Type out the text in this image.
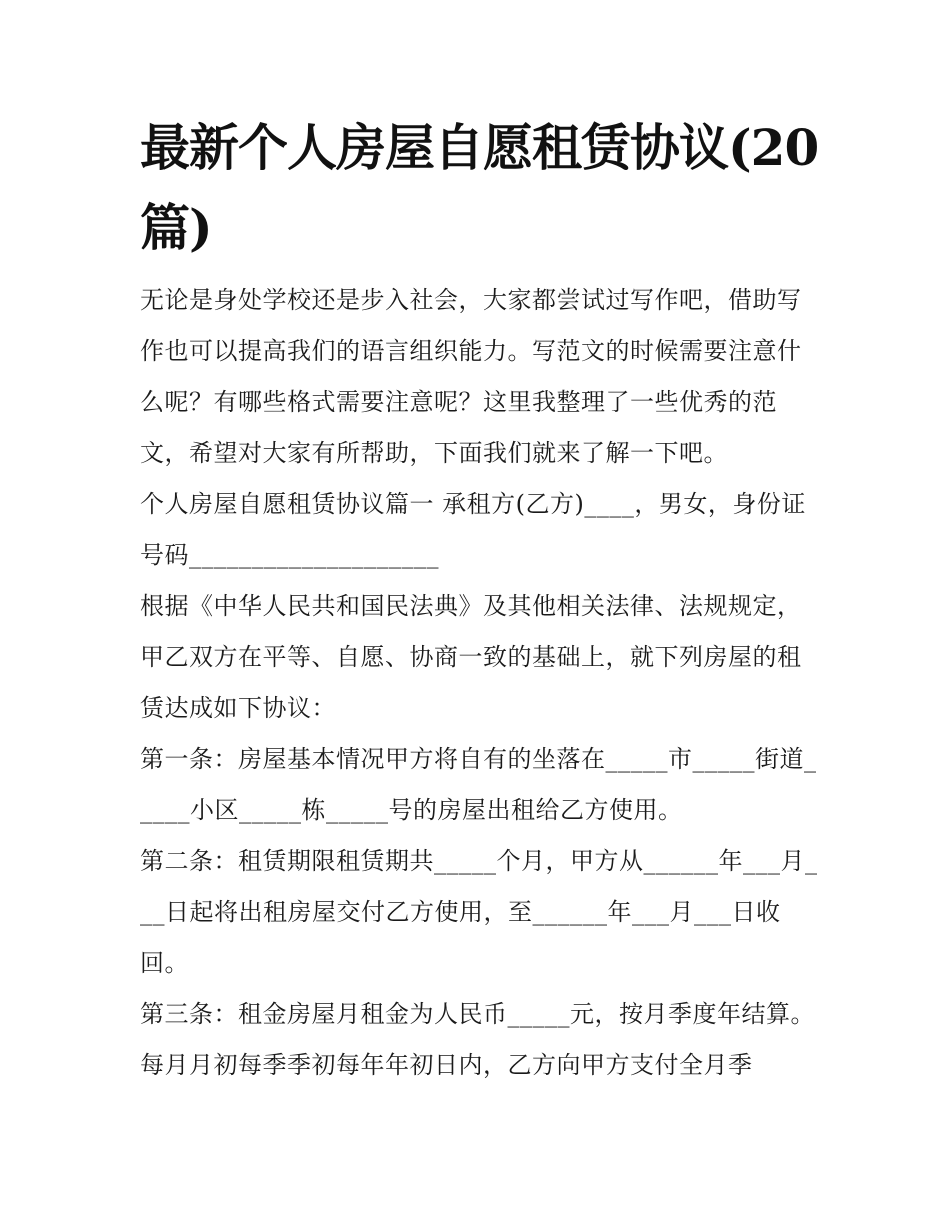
最新个人房屋自愿租赁协议(20篇)

无论是身处学校还是步入社会，大家都尝试过写作吧，借助写作也可以提高我们的语言组织能力。写范文的时候需要注意什么呢？有哪些格式需要注意呢？这里我整理了一些优秀的范文，希望对大家有所帮助，下面我们就来了解一下吧。

个人房屋自愿租赁协议篇一 承租方(乙方)____，男女，身份证号码____________________

根据《中华人民共和国民法典》及其他相关法律、法规规定，甲乙双方在平等、自愿、协商一致的基础上，就下列房屋的租赁达成如下协议：

第一条：房屋基本情况甲方将自有的坐落在_____市_____街道_____小区_____栋_____号的房屋出租给乙方使用。

第二条：租赁期限租赁期共_____个月，甲方从______年___月___日起将出租房屋交付乙方使用，至______年___月___日收回。

第三条：租金房屋月租金为人民币_____元，按月季度年结算。每月月初每季季初每年年初日内，乙方向甲方支付全月季
